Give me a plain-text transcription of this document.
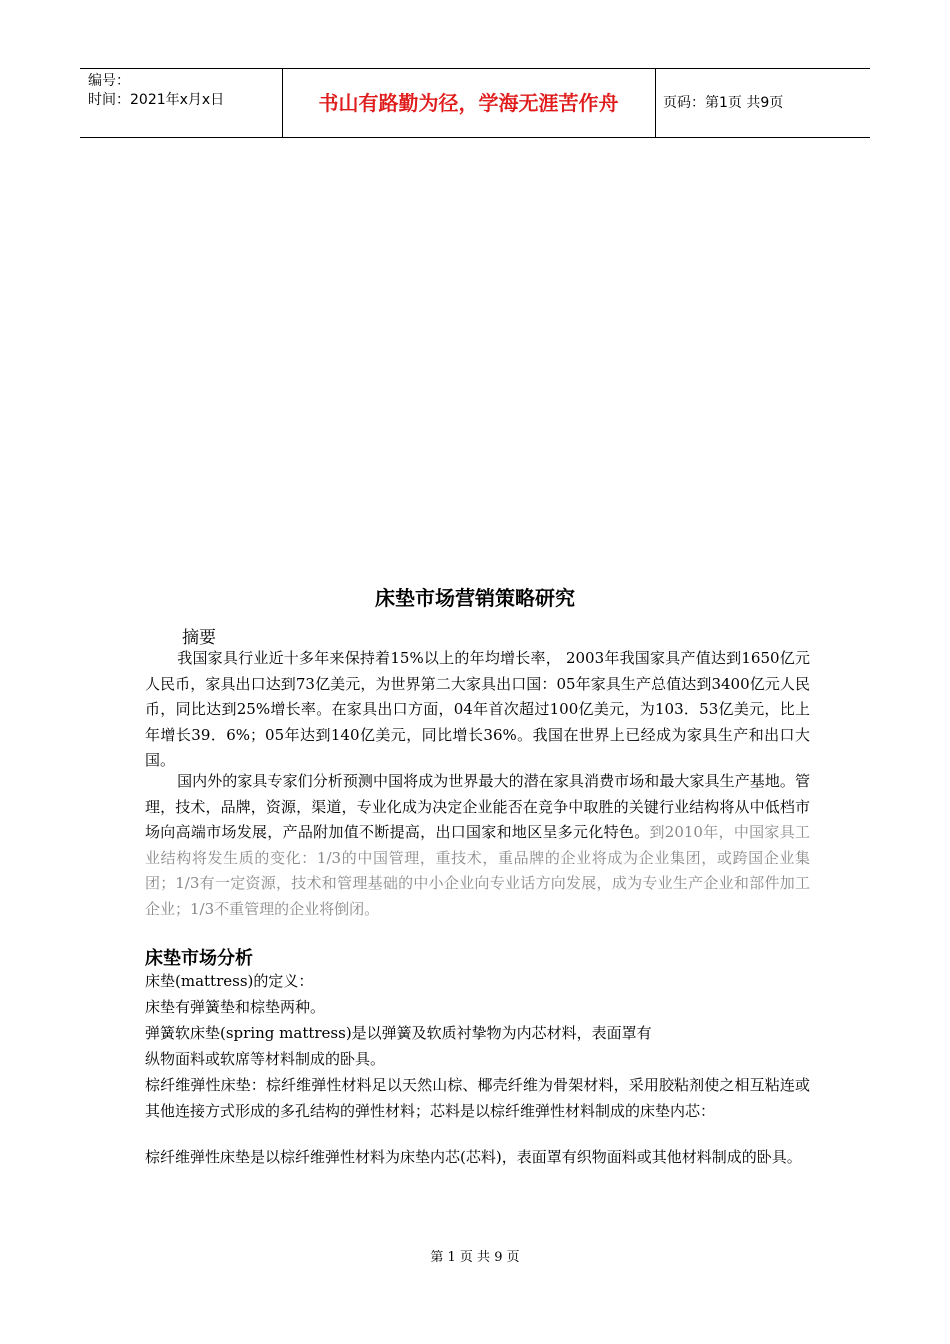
编号：
时间：2021年x月x日	书山有路勤为径，学海无涯苦作舟	页码：第1页 共9页
床垫市场营销策略研究
摘要
我国家具行业近十多年来保持着15%以上的年均增长率， 2003年我国家具产值达到1650亿元人民币，家具出口达到73亿美元，为世界第二大家具出口国：05年家具生产总值达到3400亿元人民币，同比达到25%增长率。在家具出口方面，04年首次超过100亿美元，为103．53亿美元，比上年增长39．6%；05年达到140亿美元，同比增长36%。我国在世界上已经成为家具生产和出口大国。
国内外的家具专家们分析预测中国将成为世界最大的潜在家具消费市场和最大家具生产基地。管理，技术，品牌，资源，渠道，专业化成为决定企业能否在竞争中取胜的关键行业结构将从中低档市场向高端市场发展，产品附加值不断提高，出口国家和地区呈多元化特色。到2010年，中国家具工业结构将发生质的变化：1/3的中国管理，重技术，重品牌的企业将成为企业集团，或跨国企业集团；1/3有一定资源，技术和管理基础的中小企业向专业话方向发展，成为专业生产企业和部件加工企业；1/3不重管理的企业将倒闭。
床垫市场分析
床垫(mattress)的定义：
床垫有弹簧垫和棕垫两种。
弹簧软床垫(spring mattress)是以弹簧及软质衬挚物为内芯材料，表面罩有
纵物面料或软席等材料制成的卧具。
棕纤维弹性床垫：棕纤维弹性材料足以天然山棕、椰壳纤维为骨架材料，采用胶粘剂使之相互粘连或其他连接方式形成的多孔结构的弹性材料；芯料是以棕纤维弹性材料制成的床垫内芯：
棕纤维弹性床垫是以棕纤维弹性材料为床垫内芯(芯料)，表面罩有织物面料或其他材料制成的卧具。
第 1 页 共 9 页
